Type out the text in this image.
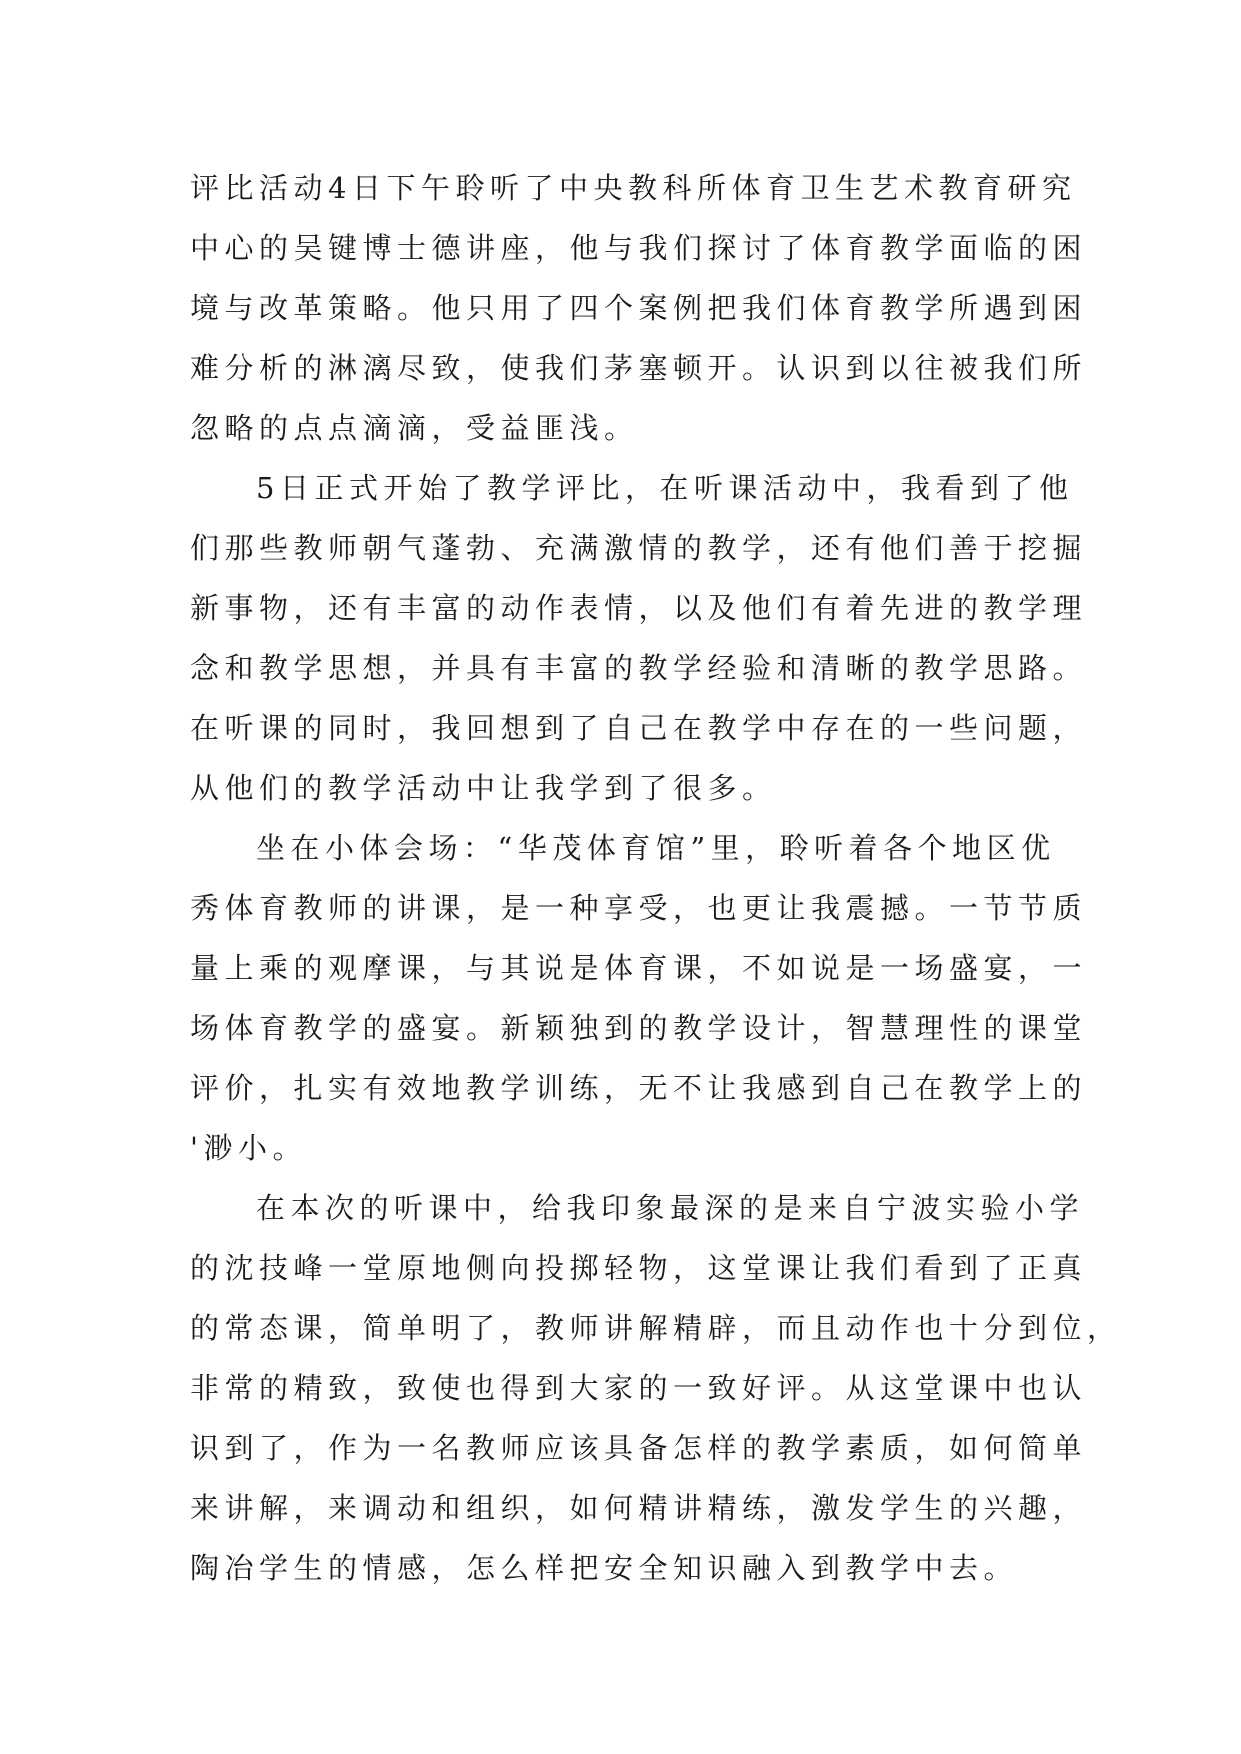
评比活动4日下午聆听了中央教科所体育卫生艺术教育研究
中心的吴键博士德讲座，他与我们探讨了体育教学面临的困
境与改革策略。他只用了四个案例把我们体育教学所遇到困
难分析的淋漓尽致，使我们茅塞顿开。认识到以往被我们所
忽略的点点滴滴，受益匪浅。
5日正式开始了教学评比，在听课活动中，我看到了他
们那些教师朝气蓬勃、充满激情的教学，还有他们善于挖掘
新事物，还有丰富的动作表情，以及他们有着先进的教学理
念和教学思想，并具有丰富的教学经验和清晰的教学思路。
在听课的同时，我回想到了自己在教学中存在的一些问题，
从他们的教学活动中让我学到了很多。
坐在小体会场：“华茂体育馆”里，聆听着各个地区优
秀体育教师的讲课，是一种享受，也更让我震撼。一节节质
量上乘的观摩课，与其说是体育课，不如说是一场盛宴，一
场体育教学的盛宴。新颖独到的教学设计，智慧理性的课堂
评价，扎实有效地教学训练，无不让我感到自己在教学上的
'渺小。
在本次的听课中，给我印象最深的是来自宁波实验小学
的沈技峰一堂原地侧向投掷轻物，这堂课让我们看到了正真
的常态课，简单明了，教师讲解精辟，而且动作也十分到位，
非常的精致，致使也得到大家的一致好评。从这堂课中也认
识到了，作为一名教师应该具备怎样的教学素质，如何简单
来讲解，来调动和组织，如何精讲精练，激发学生的兴趣，
陶冶学生的情感，怎么样把安全知识融入到教学中去。
